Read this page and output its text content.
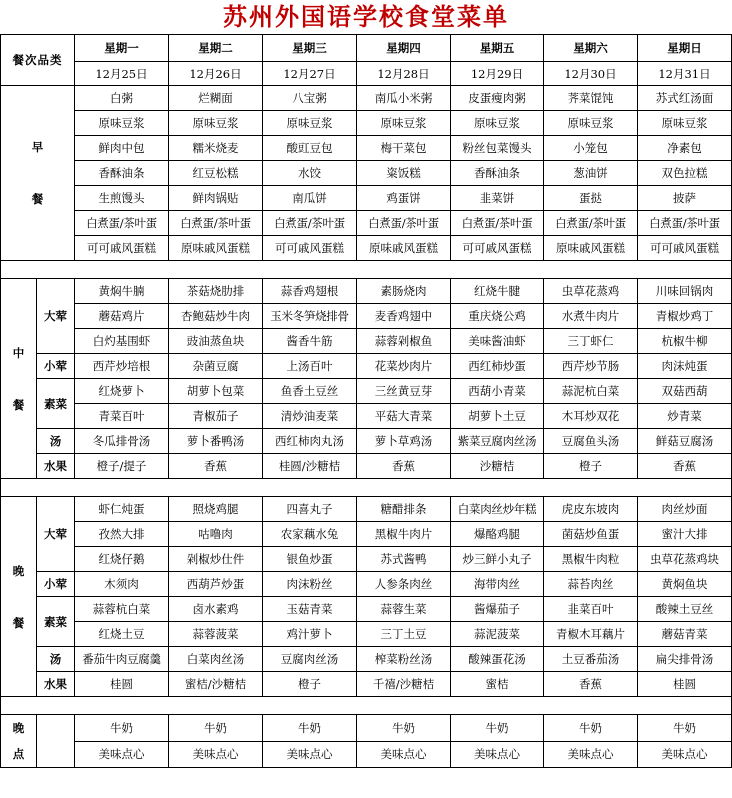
苏州外国语学校食堂菜单
餐次品类		星期一	星期二	星期三	星期四	星期五	星期六	星期日
		12月25日	12月26日	12月27日	12月28日	12月29日	12月30日	12月31日
早

餐		白粥	烂糊面	八宝粥	南瓜小米粥	皮蛋瘦肉粥	荠菜馄饨	苏式红汤面
		原味豆浆	原味豆浆	原味豆浆	原味豆浆	原味豆浆	原味豆浆	原味豆浆
		鲜肉中包	糯米烧麦	酸豇豆包	梅干菜包	粉丝包菜馒头	小笼包	净素包
		香酥油条	红豆松糕	水饺	粢饭糕	香酥油条	葱油饼	双色拉糕
		生煎馒头	鲜肉锅贴	南瓜饼	鸡蛋饼	韭菜饼	蛋挞	披萨
		白煮蛋/茶叶蛋	白煮蛋/茶叶蛋	白煮蛋/茶叶蛋	白煮蛋/茶叶蛋	白煮蛋/茶叶蛋	白煮蛋/茶叶蛋	白煮蛋/茶叶蛋
		可可戚风蛋糕	原味戚风蛋糕	可可戚风蛋糕	原味戚风蛋糕	可可戚风蛋糕	原味戚风蛋糕	可可戚风蛋糕

中

餐	大荤	黄焖牛腩	茶菇烧肋排	蒜香鸡翅根	素肠烧肉	红烧牛腱	虫草花蒸鸡	川味回锅肉
		蘑菇鸡片	杏鲍菇炒牛肉	玉米冬笋烧排骨	麦香鸡翅中	重庆烧公鸡	水煮牛肉片	青椒炒鸡丁
		白灼基围虾	豉油蒸鱼块	酱香牛筋	蒜蓉剁椒鱼	美味酱油虾	三丁虾仁	杭椒牛柳
	小荤	西芹炒培根	杂菌豆腐	上汤百叶	花菜炒肉片	西红柿炒蛋	西芹炒节肠	肉沫炖蛋
	素菜	红烧萝卜	胡萝卜包菜	鱼香土豆丝	三丝黄豆芽	西葫小青菜	蒜泥杭白菜	双菇西葫
		青菜百叶	青椒茄子	清炒油麦菜	平菇大青菜	胡萝卜土豆	木耳炒双花	炒青菜
	汤	冬瓜排骨汤	萝卜番鸭汤	西红柿肉丸汤	萝卜草鸡汤	紫菜豆腐肉丝汤	豆腐鱼头汤	鲜菇豆腐汤
	水果	橙子/提子	香蕉	桂圆/沙糖桔	香蕉	沙糖桔	橙子	香蕉

晚

餐	大荤	虾仁炖蛋	照烧鸡腿	四喜丸子	糖醋排条	白菜肉丝炒年糕	虎皮东坡肉	肉丝炒面
		孜然大排	咕噜肉	农家藕水兔	黑椒牛肉片	爆酪鸡腿	菌菇炒鱼蛋	蜜汁大排
		红烧仔鹅	剁椒炒仕件	银鱼炒蛋	苏式酱鸭	炒三鲜小丸子	黑椒牛肉粒	虫草花蒸鸡块
	小荤	木须肉	西葫芦炒蛋	肉沫粉丝	人参条肉丝	海带肉丝	蒜苔肉丝	黄焖鱼块
	素菜	蒜蓉杭白菜	卤水素鸡	玉菇青菜	蒜蓉生菜	酱爆茄子	韭菜百叶	酸辣土豆丝
		红烧土豆	蒜蓉菠菜	鸡汁萝卜	三丁土豆	蒜泥菠菜	青椒木耳藕片	蘑菇青菜
	汤	番茄牛肉豆腐羹	白菜肉丝汤	豆腐肉丝汤	榨菜粉丝汤	酸辣蛋花汤	土豆番茄汤	扁尖排骨汤
	水果	桂圆	蜜桔/沙糖桔	橙子	千禧/沙糖桔	蜜桔	香蕉	桂圆

晚
点		牛奶	牛奶	牛奶	牛奶	牛奶	牛奶	牛奶
		美味点心	美味点心	美味点心	美味点心	美味点心	美味点心	美味点心
